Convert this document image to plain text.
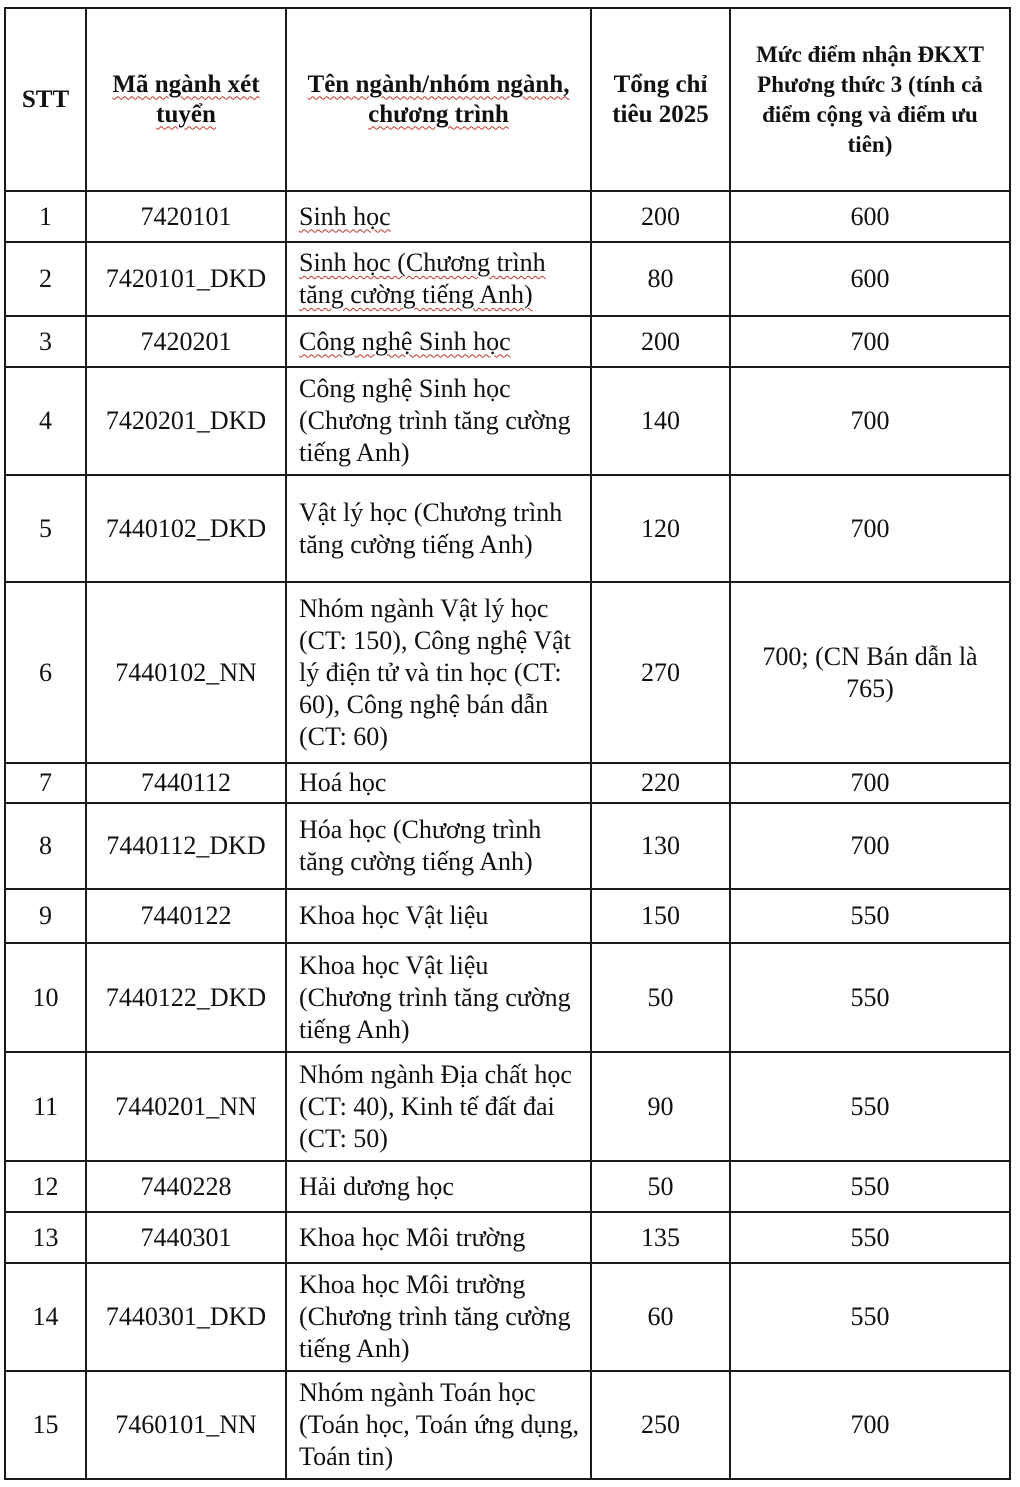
STT	Mã ngành xét tuyển	Tên ngành/nhóm ngành, chương trình	Tổng chỉ tiêu 2025	Mức điểm nhận ĐKXT Phương thức 3 (tính cả điểm cộng và điểm ưu tiên)
1	7420101	Sinh học	200	600
2	7420101_DKD	Sinh học (Chương trình tăng cường tiếng Anh)	80	600
3	7420201	Công nghệ Sinh học	200	700
4	7420201_DKD	Công nghệ Sinh học (Chương trình tăng cường tiếng Anh)	140	700
5	7440102_DKD	Vật lý học (Chương trình tăng cường tiếng Anh)	120	700
6	7440102_NN	Nhóm ngành Vật lý học (CT: 150), Công nghệ Vật lý điện tử và tin học (CT: 60), Công nghệ bán dẫn (CT: 60)	270	700; (CN Bán dẫn là 765)
7	7440112	Hoá học	220	700
8	7440112_DKD	Hóa học (Chương trình tăng cường tiếng Anh)	130	700
9	7440122	Khoa học Vật liệu	150	550
10	7440122_DKD	Khoa học Vật liệu (Chương trình tăng cường tiếng Anh)	50	550
11	7440201_NN	Nhóm ngành Địa chất học (CT: 40), Kinh tế đất đai (CT: 50)	90	550
12	7440228	Hải dương học	50	550
13	7440301	Khoa học Môi trường	135	550
14	7440301_DKD	Khoa học Môi trường (Chương trình tăng cường tiếng Anh)	60	550
15	7460101_NN	Nhóm ngành Toán học (Toán học, Toán ứng dụng, Toán tin)	250	700
